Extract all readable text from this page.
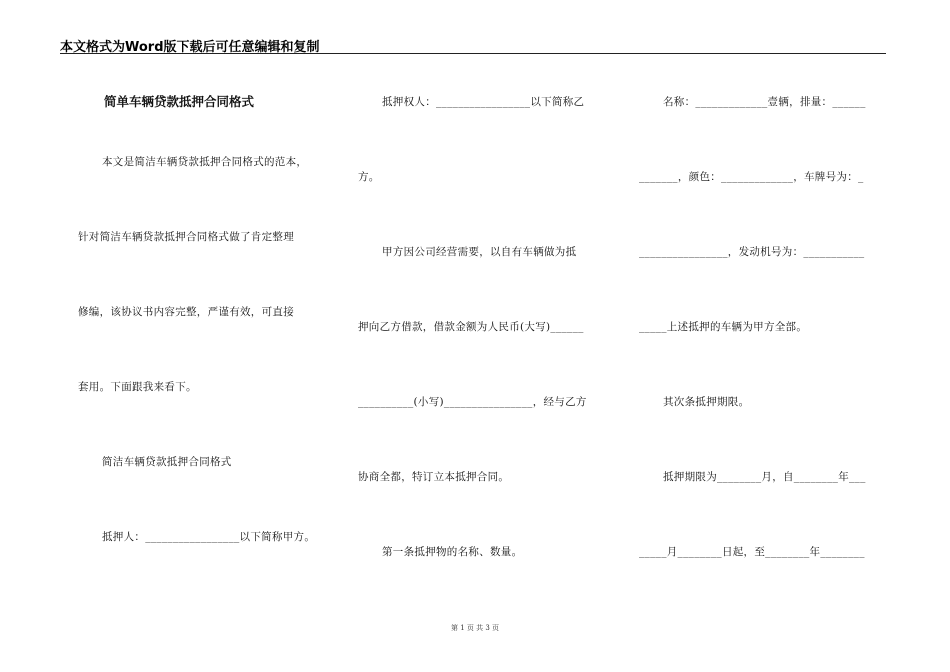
本文格式为Word版下载后可任意编辑和复制
简单车辆贷款抵押合同格式
本文是简洁车辆贷款抵押合同格式的范本，
针对简洁车辆贷款抵押合同格式做了肯定整理
修编，该协议书内容完整，严谨有效，可直接
套用。下面跟我来看下。
简洁车辆贷款抵押合同格式
抵押人：_________________以下简称甲方。
抵押权人：_________________以下简称乙
方。
甲方因公司经营需要，以自有车辆做为抵
押向乙方借款，借款金额为人民币(大写)______
__________(小写)________________，经与乙方
协商全都，特订立本抵押合同。
第一条抵押物的名称、数量。
名称：_____________壹辆，排量：______
_______，颜色：_____________，车牌号为：_
________________，发动机号为：___________
_____上述抵押的车辆为甲方全部。
其次条抵押期限。
抵押期限为________月，自________年___
_____月________日起，至________年________
第 1 页 共 3 页
